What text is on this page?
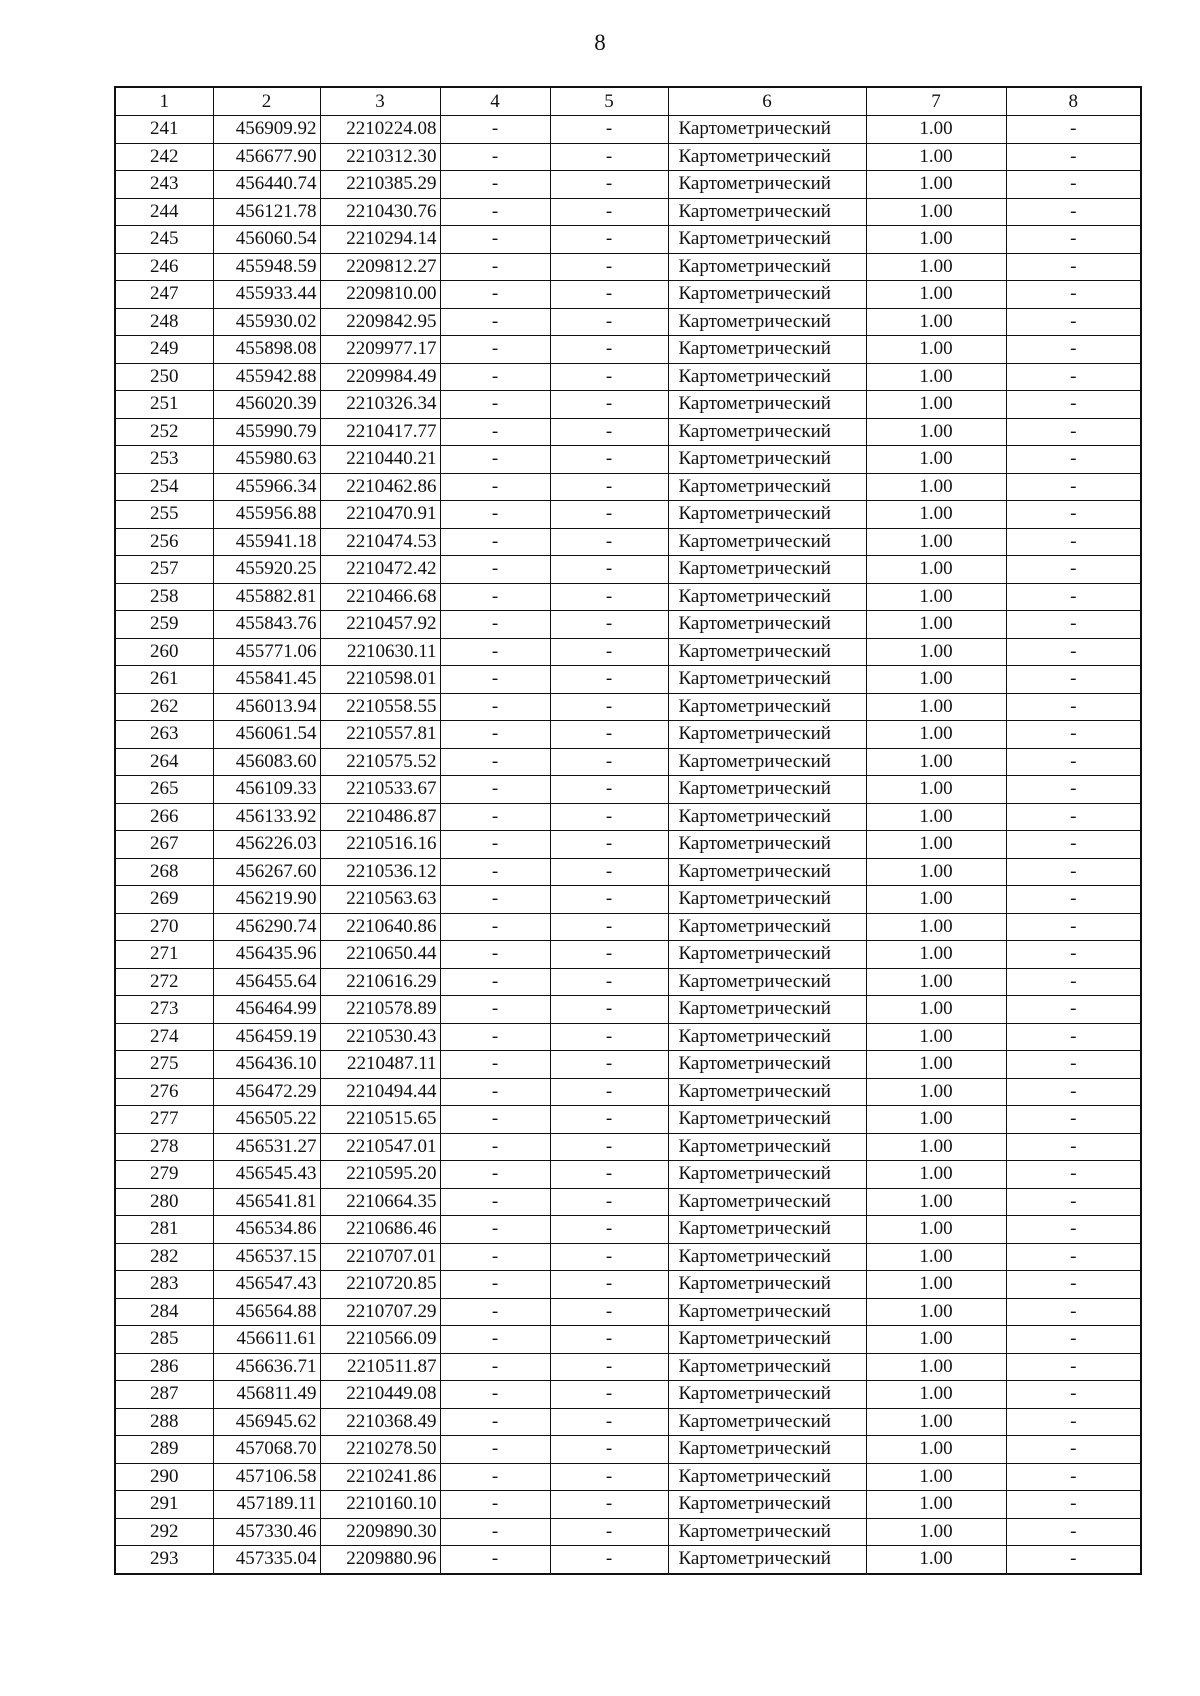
8
1	2	3	4	5	6	7	8
241	456909.92	2210224.08	-	-	Картометрический	1.00	-
242	456677.90	2210312.30	-	-	Картометрический	1.00	-
243	456440.74	2210385.29	-	-	Картометрический	1.00	-
244	456121.78	2210430.76	-	-	Картометрический	1.00	-
245	456060.54	2210294.14	-	-	Картометрический	1.00	-
246	455948.59	2209812.27	-	-	Картометрический	1.00	-
247	455933.44	2209810.00	-	-	Картометрический	1.00	-
248	455930.02	2209842.95	-	-	Картометрический	1.00	-
249	455898.08	2209977.17	-	-	Картометрический	1.00	-
250	455942.88	2209984.49	-	-	Картометрический	1.00	-
251	456020.39	2210326.34	-	-	Картометрический	1.00	-
252	455990.79	2210417.77	-	-	Картометрический	1.00	-
253	455980.63	2210440.21	-	-	Картометрический	1.00	-
254	455966.34	2210462.86	-	-	Картометрический	1.00	-
255	455956.88	2210470.91	-	-	Картометрический	1.00	-
256	455941.18	2210474.53	-	-	Картометрический	1.00	-
257	455920.25	2210472.42	-	-	Картометрический	1.00	-
258	455882.81	2210466.68	-	-	Картометрический	1.00	-
259	455843.76	2210457.92	-	-	Картометрический	1.00	-
260	455771.06	2210630.11	-	-	Картометрический	1.00	-
261	455841.45	2210598.01	-	-	Картометрический	1.00	-
262	456013.94	2210558.55	-	-	Картометрический	1.00	-
263	456061.54	2210557.81	-	-	Картометрический	1.00	-
264	456083.60	2210575.52	-	-	Картометрический	1.00	-
265	456109.33	2210533.67	-	-	Картометрический	1.00	-
266	456133.92	2210486.87	-	-	Картометрический	1.00	-
267	456226.03	2210516.16	-	-	Картометрический	1.00	-
268	456267.60	2210536.12	-	-	Картометрический	1.00	-
269	456219.90	2210563.63	-	-	Картометрический	1.00	-
270	456290.74	2210640.86	-	-	Картометрический	1.00	-
271	456435.96	2210650.44	-	-	Картометрический	1.00	-
272	456455.64	2210616.29	-	-	Картометрический	1.00	-
273	456464.99	2210578.89	-	-	Картометрический	1.00	-
274	456459.19	2210530.43	-	-	Картометрический	1.00	-
275	456436.10	2210487.11	-	-	Картометрический	1.00	-
276	456472.29	2210494.44	-	-	Картометрический	1.00	-
277	456505.22	2210515.65	-	-	Картометрический	1.00	-
278	456531.27	2210547.01	-	-	Картометрический	1.00	-
279	456545.43	2210595.20	-	-	Картометрический	1.00	-
280	456541.81	2210664.35	-	-	Картометрический	1.00	-
281	456534.86	2210686.46	-	-	Картометрический	1.00	-
282	456537.15	2210707.01	-	-	Картометрический	1.00	-
283	456547.43	2210720.85	-	-	Картометрический	1.00	-
284	456564.88	2210707.29	-	-	Картометрический	1.00	-
285	456611.61	2210566.09	-	-	Картометрический	1.00	-
286	456636.71	2210511.87	-	-	Картометрический	1.00	-
287	456811.49	2210449.08	-	-	Картометрический	1.00	-
288	456945.62	2210368.49	-	-	Картометрический	1.00	-
289	457068.70	2210278.50	-	-	Картометрический	1.00	-
290	457106.58	2210241.86	-	-	Картометрический	1.00	-
291	457189.11	2210160.10	-	-	Картометрический	1.00	-
292	457330.46	2209890.30	-	-	Картометрический	1.00	-
293	457335.04	2209880.96	-	-	Картометрический	1.00	-
